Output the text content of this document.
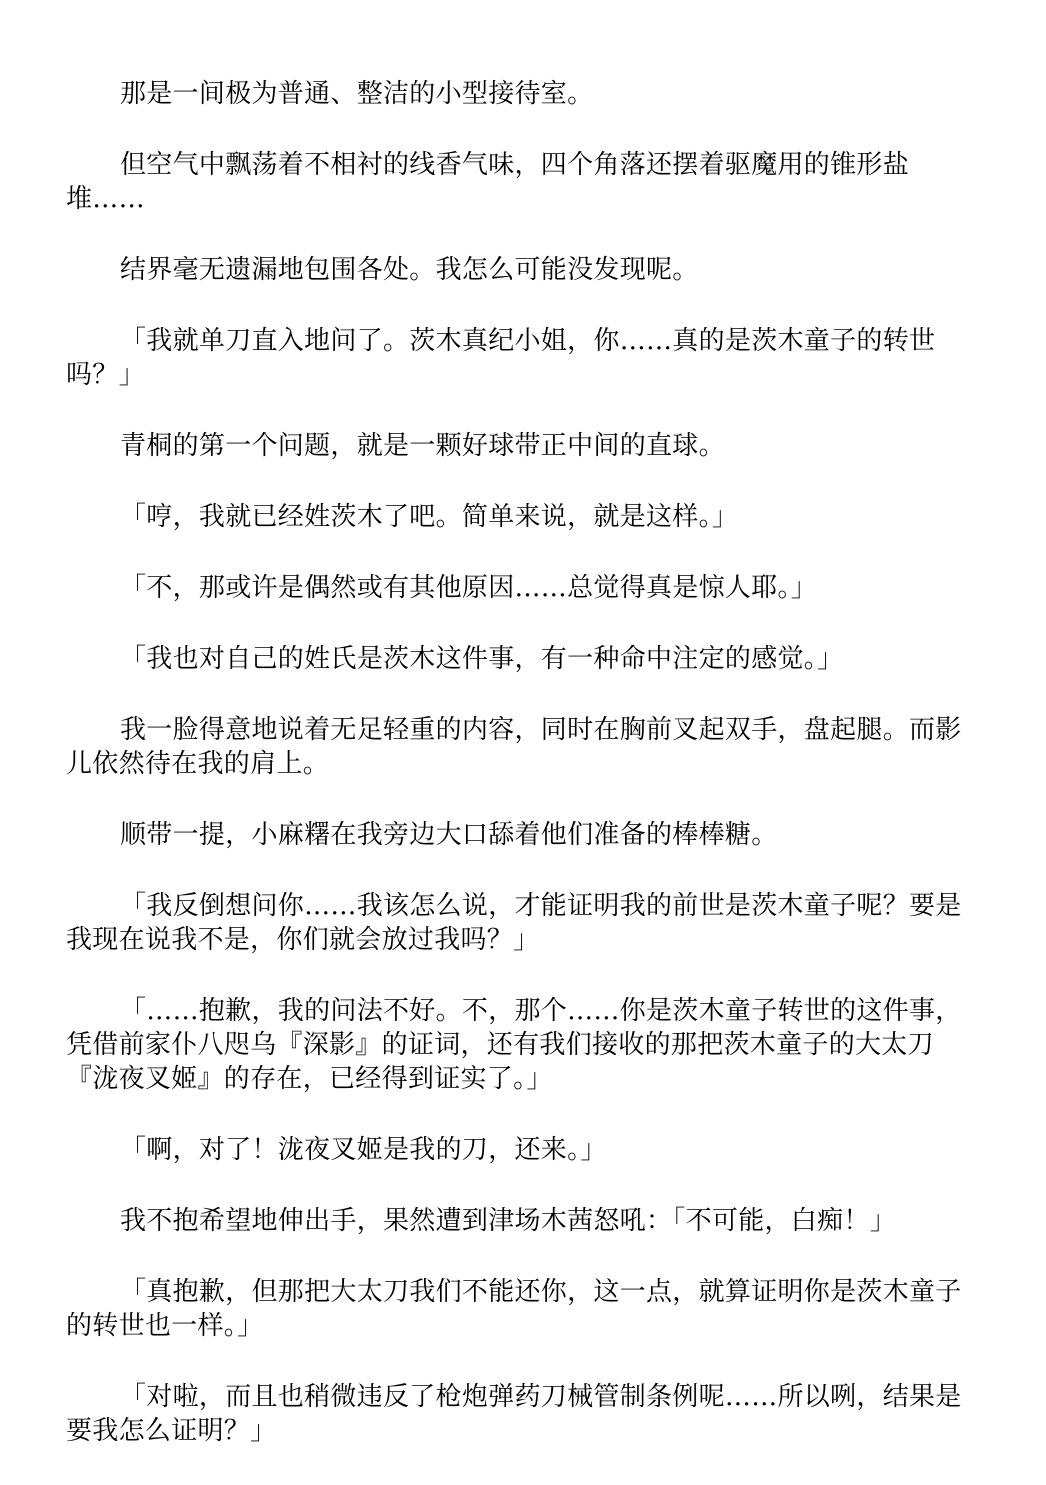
那是一间极为普通、整洁的小型接待室。

但空气中飘荡着不相衬的线香气味，四个角落还摆着驱魔用的锥形盐堆……

结界毫无遗漏地包围各处。我怎么可能没发现呢。

「我就单刀直入地问了。茨木真纪小姐，你……真的是茨木童子的转世吗？」

青桐的第一个问题，就是一颗好球带正中间的直球。

「哼，我就已经姓茨木了吧。简单来说，就是这样。」

「不，那或许是偶然或有其他原因……总觉得真是惊人耶。」

「我也对自己的姓氏是茨木这件事，有一种命中注定的感觉。」

我一脸得意地说着无足轻重的内容，同时在胸前叉起双手，盘起腿。而影儿依然待在我的肩上。

顺带一提，小麻糬在我旁边大口舔着他们准备的棒棒糖。

「我反倒想问你……我该怎么说，才能证明我的前世是茨木童子呢？要是我现在说我不是，你们就会放过我吗？」

「……抱歉，我的问法不好。不，那个……你是茨木童子转世的这件事，凭借前家仆八咫乌『深影』的证词，还有我们接收的那把茨木童子的大太刀『泷夜叉姬』的存在，已经得到证实了。」

「啊，对了！泷夜叉姬是我的刀，还来。」

我不抱希望地伸出手，果然遭到津场木茜怒吼：「不可能，白痴！」

「真抱歉，但那把大太刀我们不能还你，这一点，就算证明你是茨木童子的转世也一样。」

「对啦，而且也稍微违反了枪炮弹药刀械管制条例呢……所以咧，结果是要我怎么证明？」
